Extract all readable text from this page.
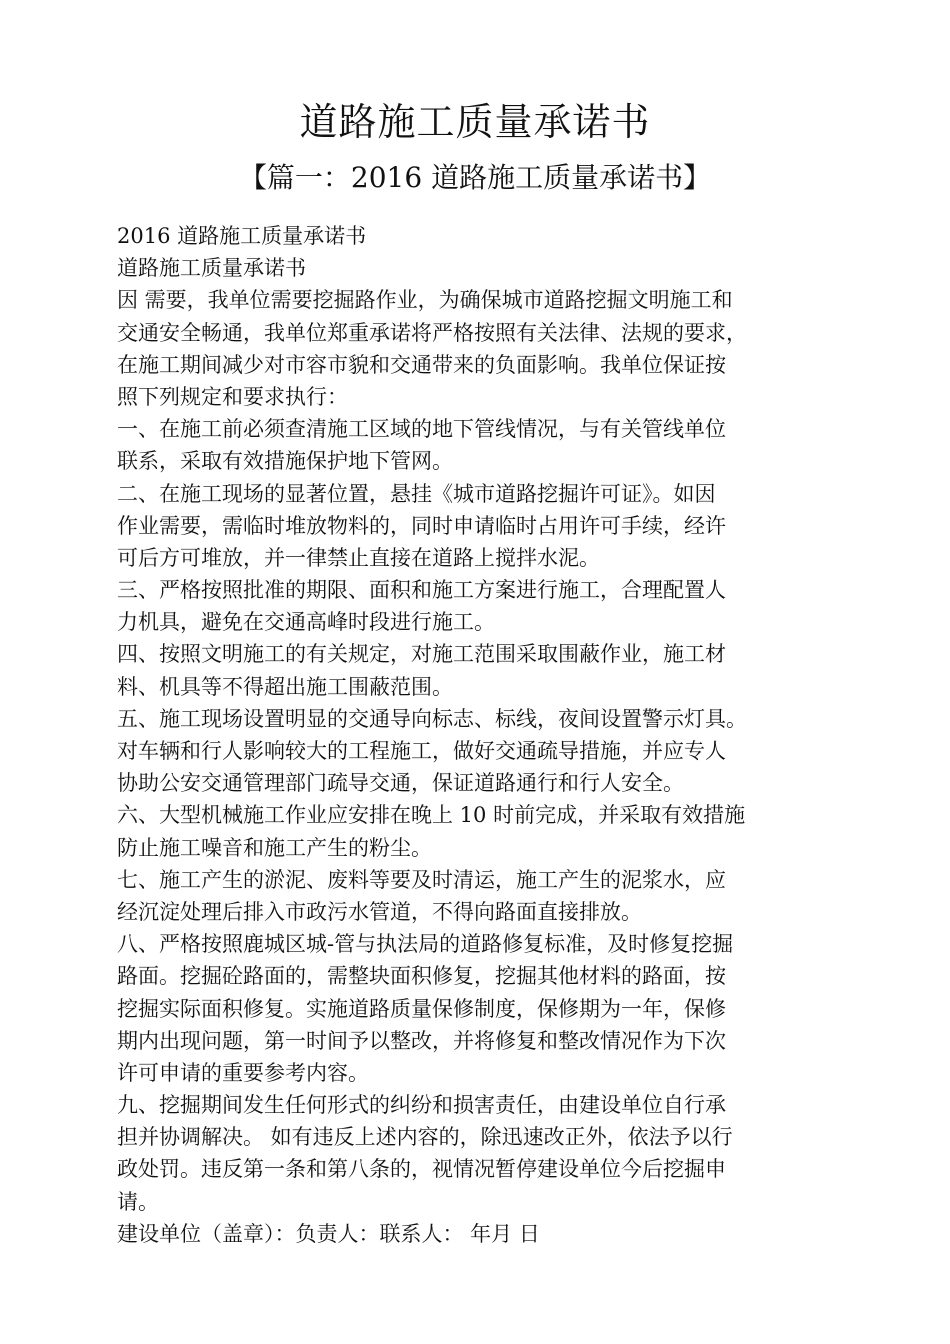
道路施工质量承诺书
【篇一：2016 道路施工质量承诺书】
2016 道路施工质量承诺书
道路施工质量承诺书
因 需要，我单位需要挖掘路作业，为确保城市道路挖掘文明施工和
交通安全畅通，我单位郑重承诺将严格按照有关法律、法规的要求，
在施工期间减少对市容市貌和交通带来的负面影响。我单位保证按
照下列规定和要求执行：
一、在施工前必须查清施工区域的地下管线情况，与有关管线单位
联系，采取有效措施保护地下管网。
二、在施工现场的显著位置，悬挂《城市道路挖掘许可证》。如因
作业需要，需临时堆放物料的，同时申请临时占用许可手续，经许
可后方可堆放，并一律禁止直接在道路上搅拌水泥。
三、严格按照批准的期限、面积和施工方案进行施工，合理配置人
力机具，避免在交通高峰时段进行施工。
四、按照文明施工的有关规定，对施工范围采取围蔽作业，施工材
料、机具等不得超出施工围蔽范围。
五、施工现场设置明显的交通导向标志、标线，夜间设置警示灯具。
对车辆和行人影响较大的工程施工，做好交通疏导措施，并应专人
协助公安交通管理部门疏导交通，保证道路通行和行人安全。
六、大型机械施工作业应安排在晚上 10 时前完成，并采取有效措施
防止施工噪音和施工产生的粉尘。
七、施工产生的淤泥、废料等要及时清运，施工产生的泥浆水，应
经沉淀处理后排入市政污水管道，不得向路面直接排放。
八、严格按照鹿城区城-管与执法局的道路修复标准，及时修复挖掘
路面。挖掘砼路面的，需整块面积修复，挖掘其他材料的路面，按
挖掘实际面积修复。实施道路质量保修制度，保修期为一年，保修
期内出现问题，第一时间予以整改，并将修复和整改情况作为下次
许可申请的重要参考内容。
九、挖掘期间发生任何形式的纠纷和损害责任，由建设单位自行承
担并协调解决。 如有违反上述内容的，除迅速改正外，依法予以行
政处罚。违反第一条和第八条的，视情况暂停建设单位今后挖掘申
请。
建设单位（盖章）：负责人：联系人： 年月 日
